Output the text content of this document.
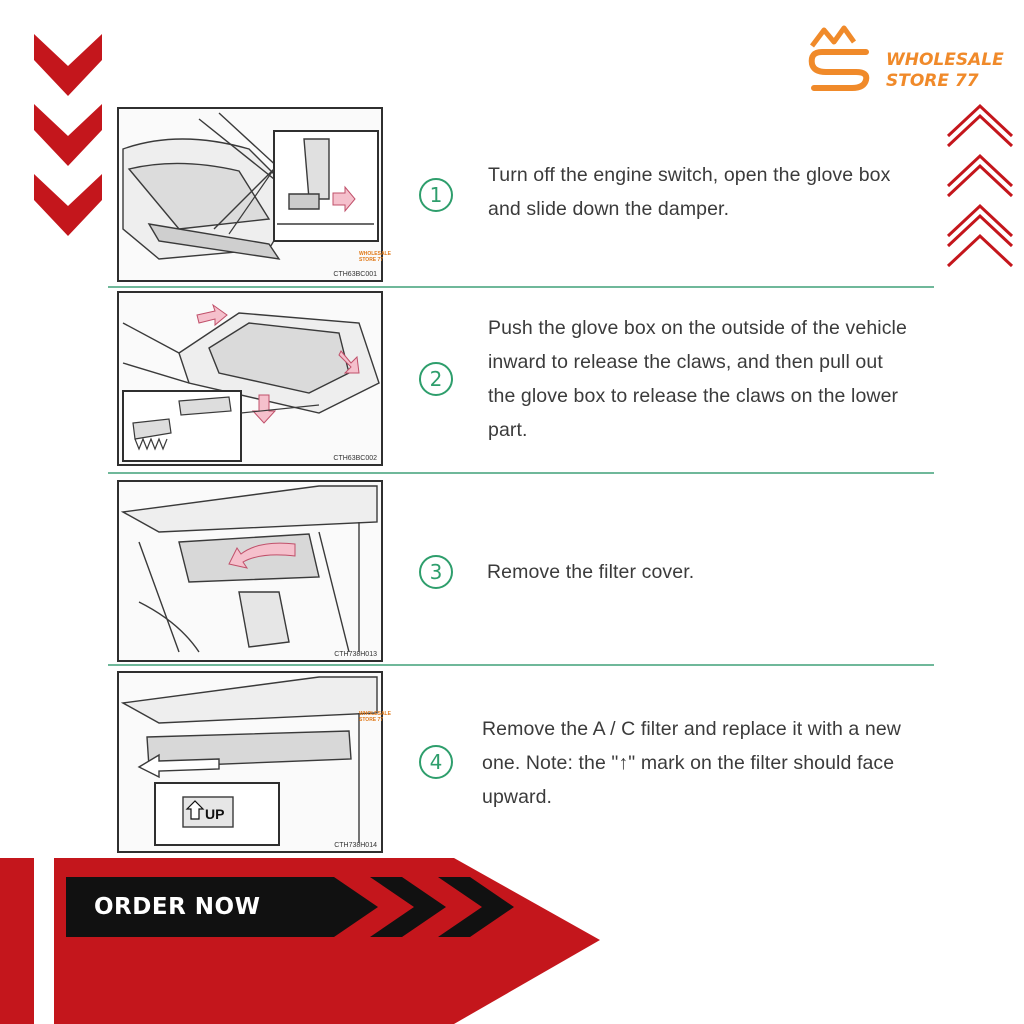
WHOLESALE
STORE 77
WHOLESALE
STORE 77
CTH63BC001
1
Turn off the engine switch, open the glove box and slide down the damper.
CTH63BC002
2
Push the glove box on the outside of the vehicle inward to release the claws, and then pull out the glove box to release the claws on the lower part.
CTH738H013
3	Remove the filter cover.
UP
WHOLESALE
STORE 77
CTH738H014
4
Remove the A / C filter and replace it with a new one. Note: the "↑" mark on the filter should face upward.
ORDER NOW
